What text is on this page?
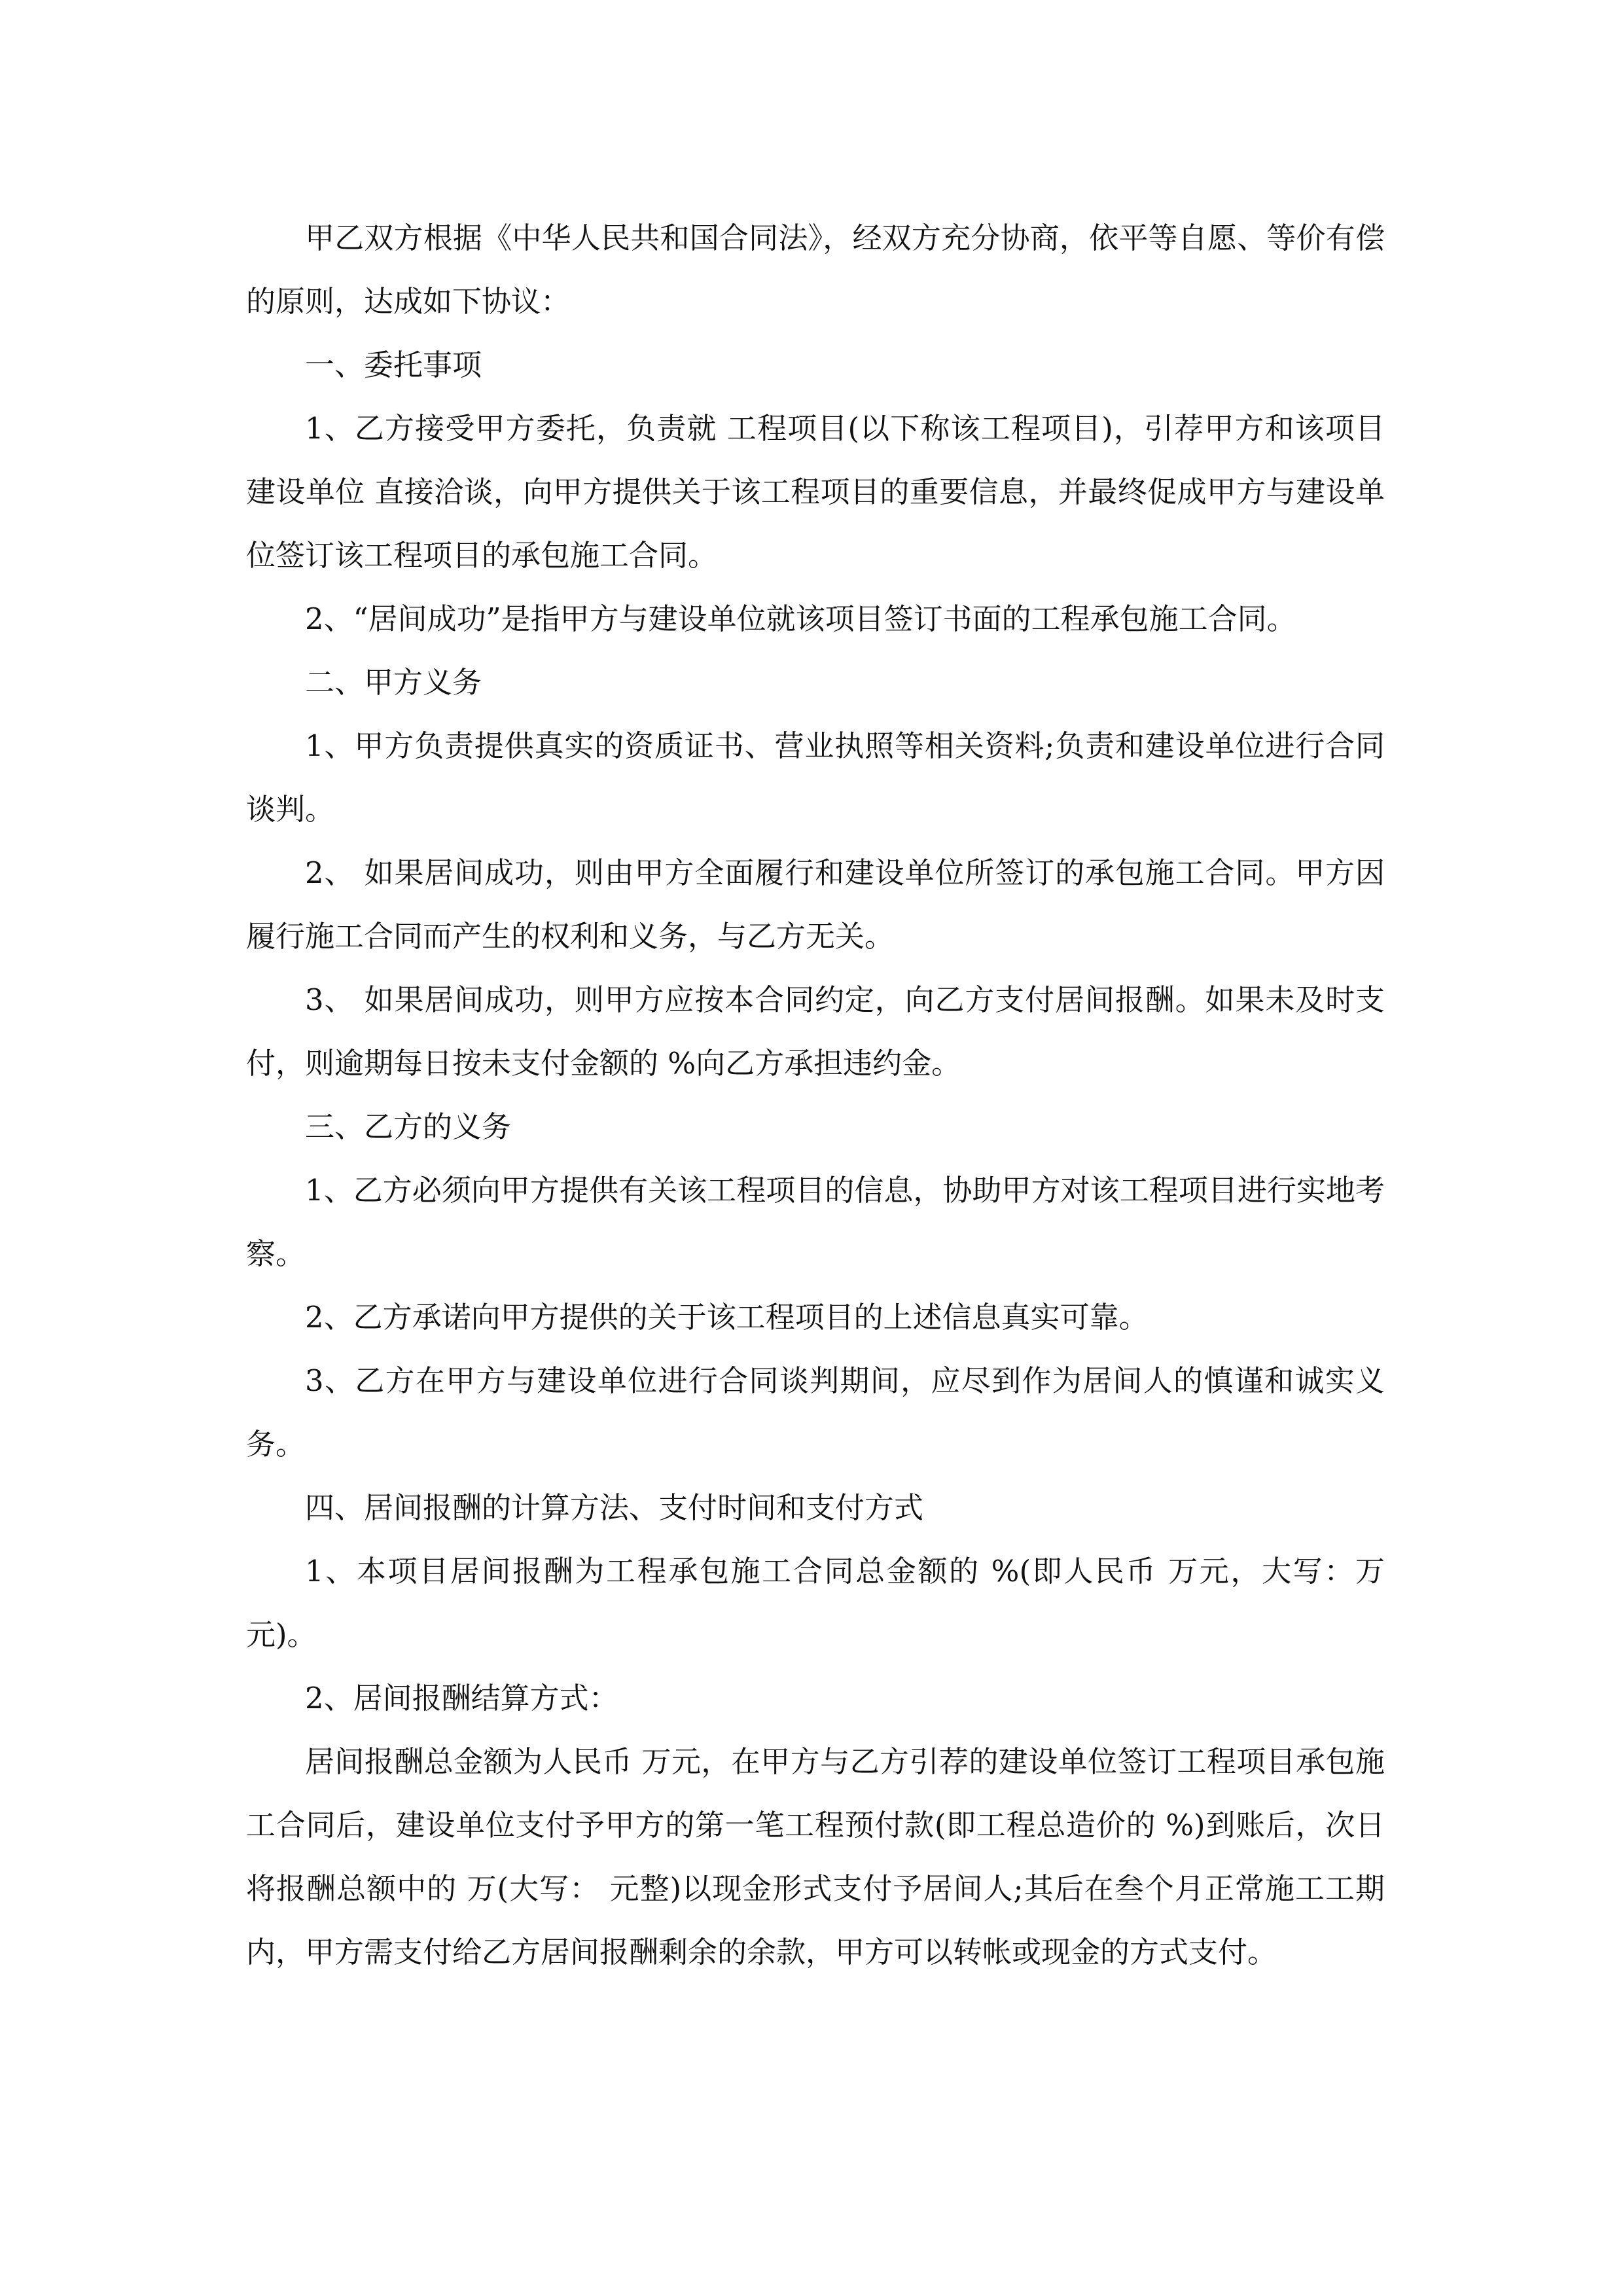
甲乙双方根据《中华人民共和国合同法》，经双方充分协商，依平等自愿、等价有偿的原则，达成如下协议：

一、委托事项

1、乙方接受甲方委托，负责就 工程项目(以下称该工程项目)，引荐甲方和该项目建设单位 直接洽谈，向甲方提供关于该工程项目的重要信息，并最终促成甲方与建设单位签订该工程项目的承包施工合同。

2、“居间成功”是指甲方与建设单位就该项目签订书面的工程承包施工合同。

二、甲方义务

1、甲方负责提供真实的资质证书、营业执照等相关资料;负责和建设单位进行合同谈判。

2、 如果居间成功，则由甲方全面履行和建设单位所签订的承包施工合同。甲方因履行施工合同而产生的权利和义务，与乙方无关。

3、 如果居间成功，则甲方应按本合同约定，向乙方支付居间报酬。如果未及时支付，则逾期每日按未支付金额的 %向乙方承担违约金。

三、乙方的义务

1、乙方必须向甲方提供有关该工程项目的信息，协助甲方对该工程项目进行实地考察。

2、乙方承诺向甲方提供的关于该工程项目的上述信息真实可靠。

3、乙方在甲方与建设单位进行合同谈判期间，应尽到作为居间人的慎谨和诚实义务。

四、居间报酬的计算方法、支付时间和支付方式

1、本项目居间报酬为工程承包施工合同总金额的 %(即人民币 万元，大写：万元)。

2、居间报酬结算方式：

居间报酬总金额为人民币 万元，在甲方与乙方引荐的建设单位签订工程项目承包施工合同后，建设单位支付予甲方的第一笔工程预付款(即工程总造价的 %)到账后，次日将报酬总额中的 万(大写： 元整)以现金形式支付予居间人;其后在叁个月正常施工工期内，甲方需支付给乙方居间报酬剩余的余款，甲方可以转帐或现金的方式支付。
